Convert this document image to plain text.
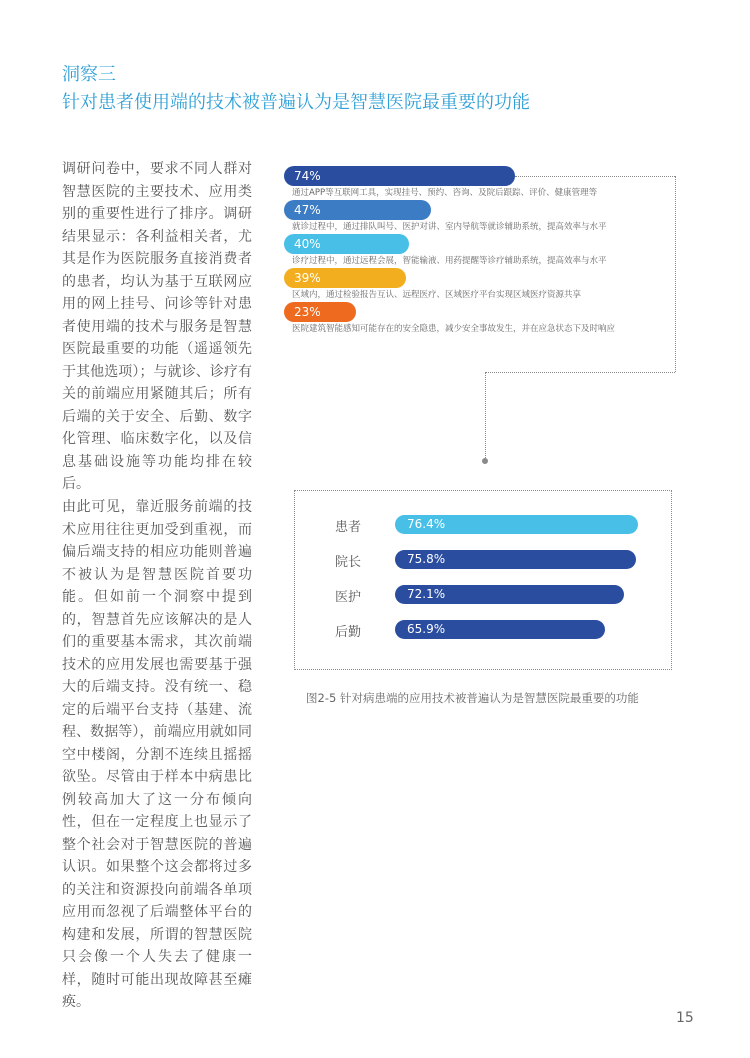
洞察三
针对患者使用端的技术被普遍认为是智慧医院最重要的功能
调研问卷中，要求不同人群对智慧医院的主要技术、应用类别的重要性进行了排序。调研结果显示：各利益相关者，尤其是作为医院服务直接消费者的患者，均认为基于互联网应用的网上挂号、问诊等针对患者使用端的技术与服务是智慧医院最重要的功能（遥遥领先于其他选项）；与就诊、诊疗有关的前端应用紧随其后；所有后端的关于安全、后勤、数字化管理、临床数字化，以及信息基础设施等功能均排在较后。
由此可见，靠近服务前端的技术应用往往更加受到重视，而偏后端支持的相应功能则普遍不被认为是智慧医院首要功能。但如前一个洞察中提到的，智慧首先应该解决的是人们的重要基本需求，其次前端技术的应用发展也需要基于强大的后端支持。没有统一、稳定的后端平台支持（基建、流程、数据等），前端应用就如同空中楼阁，分割不连续且摇摇欲坠。尽管由于样本中病患比例较高加大了这一分布倾向性，但在一定程度上也显示了整个社会对于智慧医院的普遍认识。如果整个这会都将过多的关注和资源投向前端各单项应用而忽视了后端整体平台的构建和发展，所谓的智慧医院只会像一个人失去了健康一样，随时可能出现故障甚至瘫痪。
74%
通过APP等互联网工具，实现挂号、预约、咨询、及院后跟踪、评价、健康管理等
47%
就诊过程中，通过排队叫号、医护对讲、室内导航等就诊辅助系统，提高效率与水平
40%
诊疗过程中，通过远程会展，智能输液、用药提醒等诊疗辅助系统，提高效率与水平
39%
区域内，通过检验报告互认、远程医疗、区域医疗平台实现区域医疗资源共享
23%
医院建筑智能感知可能存在的安全隐患，减少安全事故发生，并在应急状态下及时响应
患者	76.4%
院长	75.8%
医护	72.1%
后勤	65.9%
图2-5 针对病患端的应用技术被普遍认为是智慧医院最重要的功能
15
